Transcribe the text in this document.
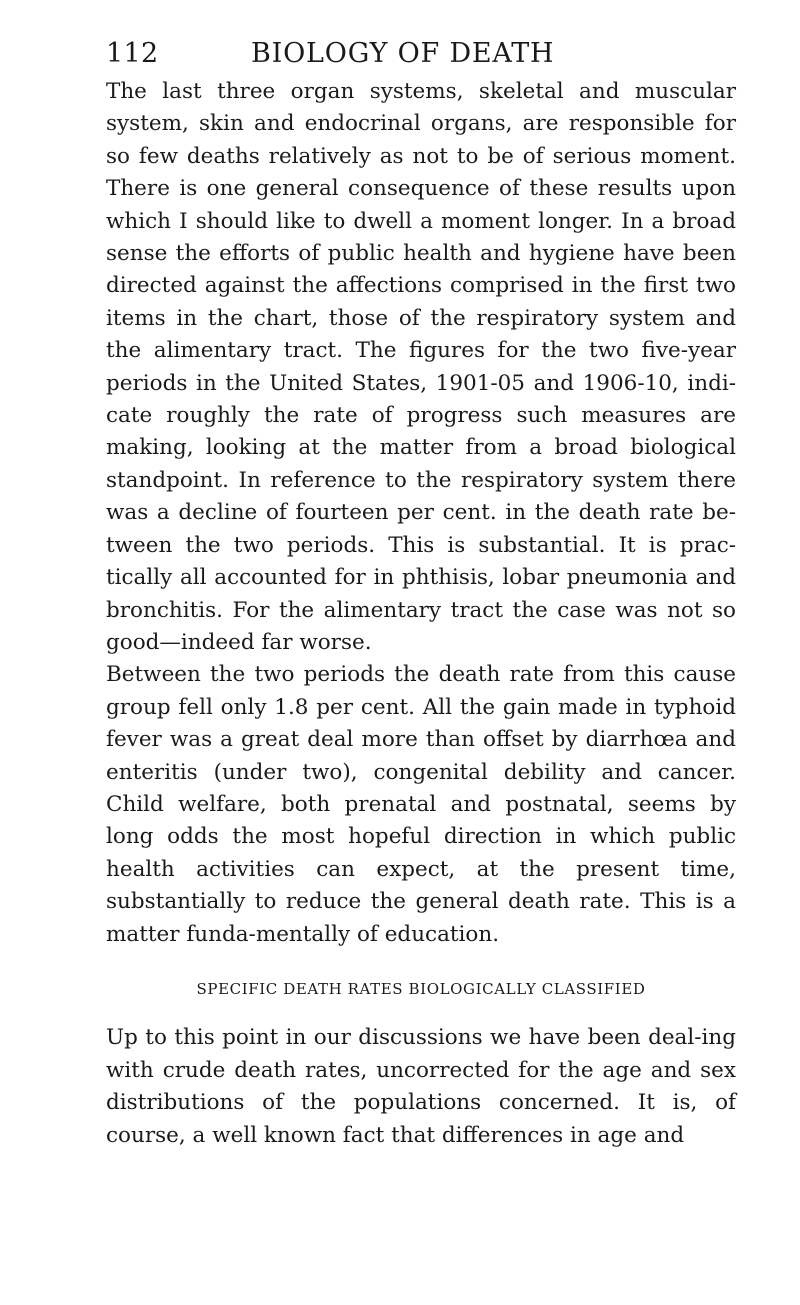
112	BIOLOGY OF DEATH

The last three organ systems, skeletal and muscular system, skin and endocrinal organs, are responsible for so few deaths relatively as not to be of serious moment. There is one general consequence of these results upon which I should like to dwell a moment longer. In a broad sense the efforts of public health and hygiene have been directed against the affections comprised in the first two items in the chart, those of the respiratory system and the alimentary tract. The figures for the two five-year periods in the United States, 1901-05 and 1906-10, indi-cate roughly the rate of progress such measures are making, looking at the matter from a broad biological standpoint. In reference to the respiratory system there was a decline of fourteen per cent. in the death rate be-tween the two periods. This is substantial. It is prac-tically all accounted for in phthisis, lobar pneumonia and bronchitis. For the alimentary tract the case was not so good—indeed far worse.

Between the two periods the death rate from this cause group fell only 1.8 per cent. All the gain made in typhoid fever was a great deal more than offset by diarrhœa and enteritis (under two), congenital debility and cancer. Child welfare, both prenatal and postnatal, seems by long odds the most hopeful direction in which public health activities can expect, at the present time, substantially to reduce the general death rate. This is a matter funda-mentally of education.

SPECIFIC DEATH RATES BIOLOGICALLY CLASSIFIED

Up to this point in our discussions we have been deal-ing with crude death rates, uncorrected for the age and sex distributions of the populations concerned. It is, of course, a well known fact that differences in age and
